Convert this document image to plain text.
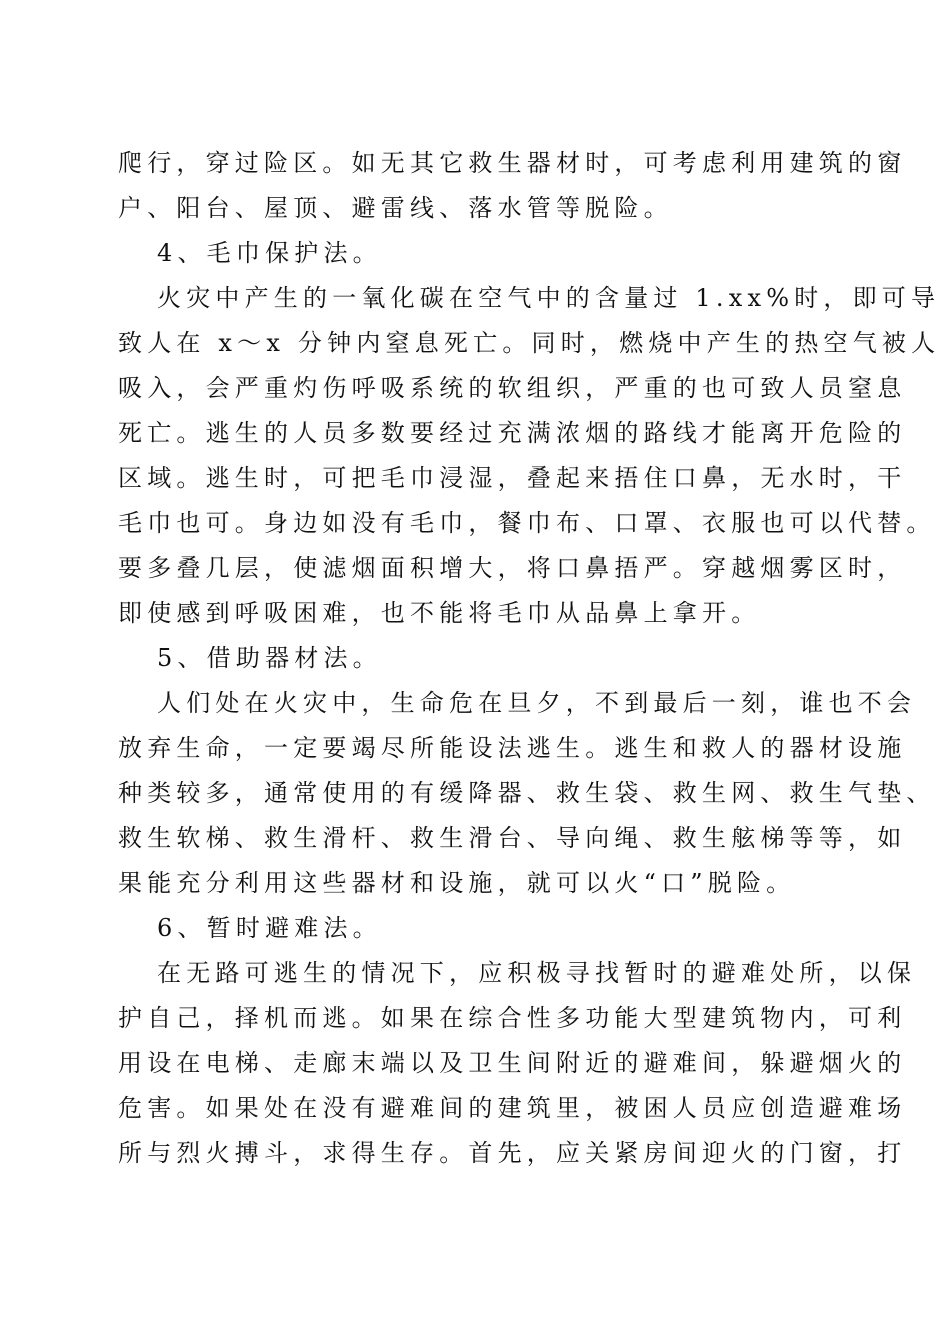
爬行，穿过险区。如无其它救生器材时，可考虑利用建筑的窗
户、阳台、屋顶、避雷线、落水管等脱险。
4、毛巾保护法。
火灾中产生的一氧化碳在空气中的含量过 1.xx%时，即可导
致人在 x～x 分钟内窒息死亡。同时，燃烧中产生的热空气被人
吸入，会严重灼伤呼吸系统的软组织，严重的也可致人员窒息
死亡。逃生的人员多数要经过充满浓烟的路线才能离开危险的
区域。逃生时，可把毛巾浸湿，叠起来捂住口鼻，无水时，干
毛巾也可。身边如没有毛巾，餐巾布、口罩、衣服也可以代替。
要多叠几层，使滤烟面积增大，将口鼻捂严。穿越烟雾区时，
即使感到呼吸困难，也不能将毛巾从品鼻上拿开。
5、借助器材法。
人们处在火灾中，生命危在旦夕，不到最后一刻，谁也不会
放弃生命，一定要竭尽所能设法逃生。逃生和救人的器材设施
种类较多，通常使用的有缓降器、救生袋、救生网、救生气垫、
救生软梯、救生滑杆、救生滑台、导向绳、救生舷梯等等，如
果能充分利用这些器材和设施，就可以火“口”脱险。
6、暂时避难法。
在无路可逃生的情况下，应积极寻找暂时的避难处所，以保
护自己，择机而逃。如果在综合性多功能大型建筑物内，可利
用设在电梯、走廊末端以及卫生间附近的避难间，躲避烟火的
危害。如果处在没有避难间的建筑里，被困人员应创造避难场
所与烈火搏斗，求得生存。首先，应关紧房间迎火的门窗，打
